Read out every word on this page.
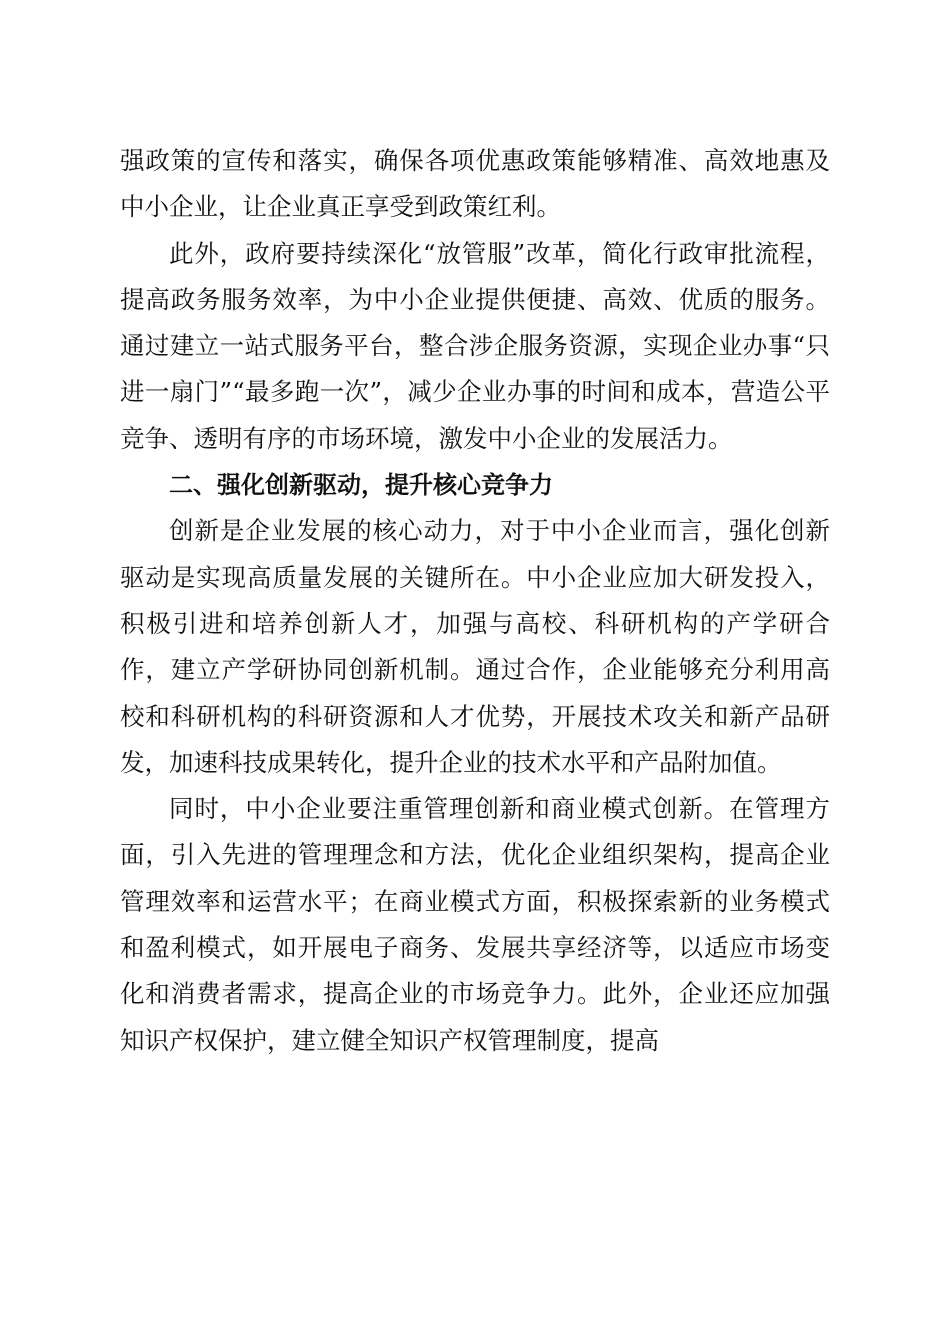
强政策的宣传和落实，确保各项优惠政策能够精准、高效地惠及中小企业，让企业真正享受到政策红利。

此外，政府要持续深化“放管服”改革，简化行政审批流程，提高政务服务效率，为中小企业提供便捷、高效、优质的服务。通过建立一站式服务平台，整合涉企服务资源，实现企业办事“只进一扇门”“最多跑一次”，减少企业办事的时间和成本，营造公平竞争、透明有序的市场环境，激发中小企业的发展活力。

二、强化创新驱动，提升核心竞争力

创新是企业发展的核心动力，对于中小企业而言，强化创新驱动是实现高质量发展的关键所在。中小企业应加大研发投入，积极引进和培养创新人才，加强与高校、科研机构的产学研合作，建立产学研协同创新机制。通过合作，企业能够充分利用高校和科研机构的科研资源和人才优势，开展技术攻关和新产品研发，加速科技成果转化，提升企业的技术水平和产品附加值。

同时，中小企业要注重管理创新和商业模式创新。在管理方面，引入先进的管理理念和方法，优化企业组织架构，提高企业管理效率和运营水平；在商业模式方面，积极探索新的业务模式和盈利模式，如开展电子商务、发展共享经济等，以适应市场变化和消费者需求，提高企业的市场竞争力。此外，企业还应加强知识产权保护，建立健全知识产权管理制度，提高
